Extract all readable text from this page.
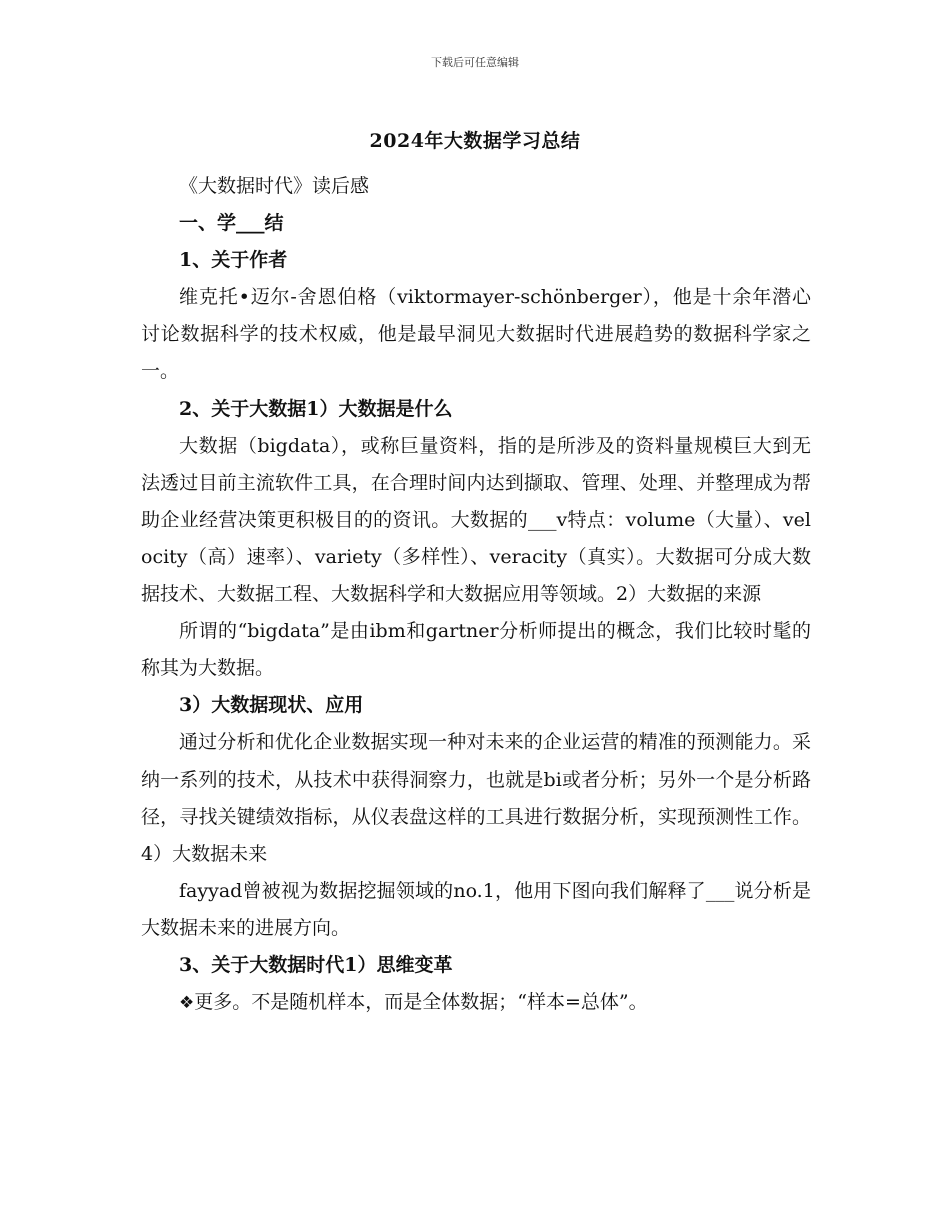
下载后可任意编辑
2024年大数据学习总结

《大数据时代》读后感

一、学___结

1、关于作者

维克托•迈尔-舍恩伯格（viktormayer-schӧnberger），他是十余年潜心讨论数据科学的技术权威，他是最早洞见大数据时代进展趋势的数据科学家之一。

2、关于大数据1）大数据是什么

大数据（bigdata），或称巨量资料，指的是所涉及的资料量规模巨大到无法透过目前主流软件工具，在合理时间内达到撷取、管理、处理、并整理成为帮助企业经营决策更积极目的的资讯。大数据的___v特点：volume（大量）、velocity（高）速率）、variety（多样性）、veracity（真实）。大数据可分成大数据技术、大数据工程、大数据科学和大数据应用等领域。2）大数据的来源

所谓的“bigdata”是由ibm和gartner分析师提出的概念，我们比较时髦的称其为大数据。

3）大数据现状、应用

通过分析和优化企业数据实现一种对未来的企业运营的精准的预测能力。采纳一系列的技术，从技术中获得洞察力，也就是bi或者分析；另外一个是分析路径，寻找关键绩效指标，从仪表盘这样的工具进行数据分析，实现预测性工作。4）大数据未来

fayyad曾被视为数据挖掘领域的no.1，他用下图向我们解释了___说分析是大数据未来的进展方向。

3、关于大数据时代1）思维变革

❖更多。不是随机样本，而是全体数据；“样本=总体”。
